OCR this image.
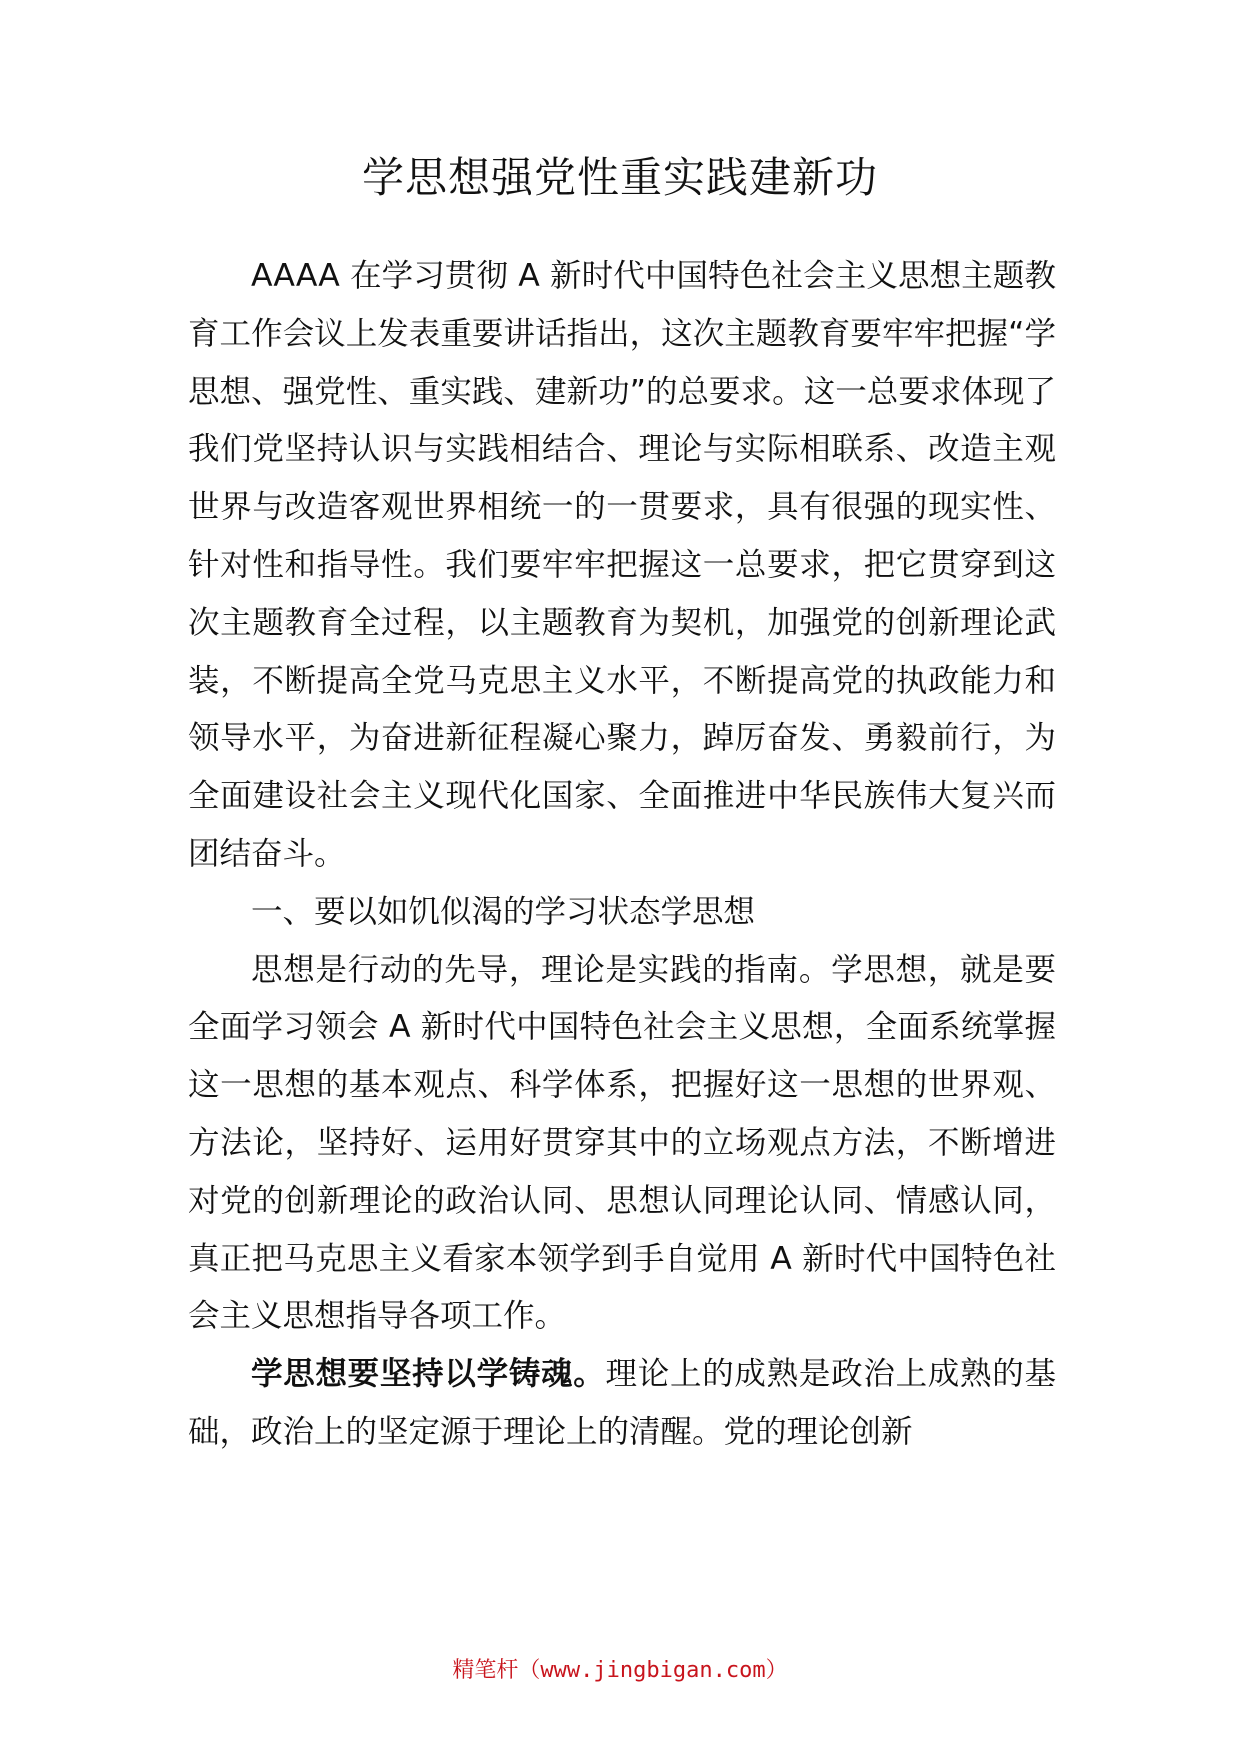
学思想强党性重实践建新功

AAAA 在学习贯彻 A 新时代中国特色社会主义思想主题教育工作会议上发表重要讲话指出，这次主题教育要牢牢把握“学思想、强党性、重实践、建新功”的总要求。这一总要求体现了我们党坚持认识与实践相结合、理论与实际相联系、改造主观世界与改造客观世界相统一的一贯要求，具有很强的现实性、针对性和指导性。我们要牢牢把握这一总要求，把它贯穿到这次主题教育全过程，以主题教育为契机，加强党的创新理论武装，不断提高全党马克思主义水平，不断提高党的执政能力和领导水平，为奋进新征程凝心聚力，踔厉奋发、勇毅前行，为全面建设社会主义现代化国家、全面推进中华民族伟大复兴而团结奋斗。

一、要以如饥似渴的学习状态学思想

思想是行动的先导，理论是实践的指南。学思想，就是要全面学习领会 A 新时代中国特色社会主义思想，全面系统掌握这一思想的基本观点、科学体系，把握好这一思想的世界观、方法论，坚持好、运用好贯穿其中的立场观点方法，不断增进对党的创新理论的政治认同、思想认同理论认同、情感认同，真正把马克思主义看家本领学到手自觉用 A 新时代中国特色社会主义思想指导各项工作。

学思想要坚持以学铸魂。理论上的成熟是政治上成熟的基础，政治上的坚定源于理论上的清醒。党的理论创新

精笔杆（www.jingbigan.com）
